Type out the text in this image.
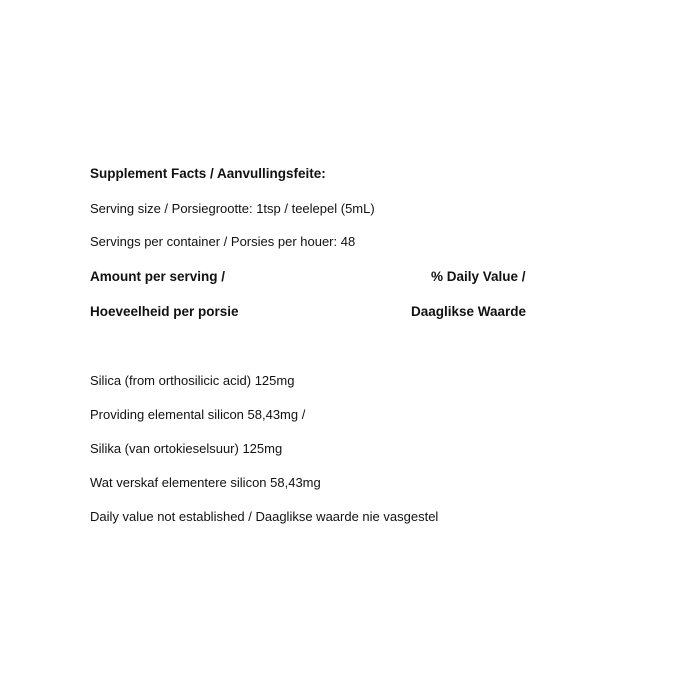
Supplement Facts / Aanvullingsfeite:
Serving size / Porsiegrootte: 1tsp / teelepel (5mL)
Servings per container / Porsies per houer: 48
Amount per serving /	% Daily Value /
Hoeveelheid per porsie	Daaglikse Waarde
Silica (from orthosilicic acid) 125mg
Providing elemental silicon 58,43mg /
Silika (van ortokieselsuur) 125mg
Wat verskaf elementere silicon 58,43mg
Daily value not established / Daaglikse waarde nie vasgestel
